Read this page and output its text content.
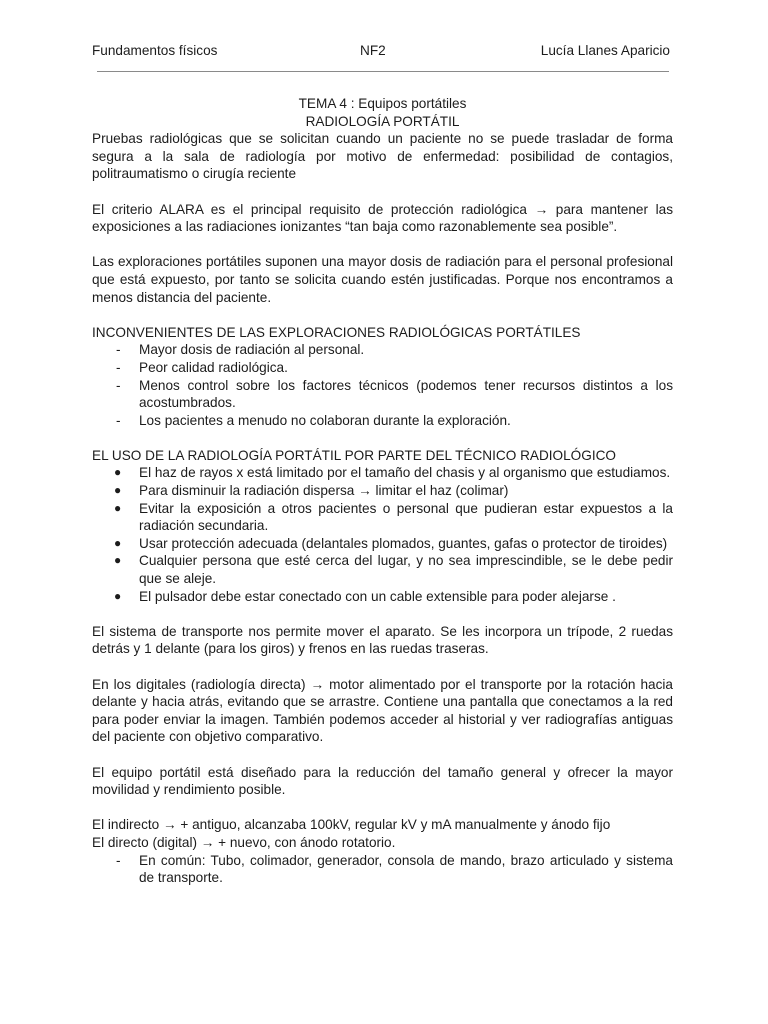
Fundamentos físicos	NF2	Lucía Llanes Aparicio
TEMA 4 : Equipos portátiles
RADIOLOGÍA PORTÁTIL

Pruebas radiológicas que se solicitan cuando un paciente no se puede trasladar de forma segura a la sala de radiología por motivo de enfermedad: posibilidad de contagios, politraumatismo o cirugía reciente

El criterio ALARA es el principal requisito de protección radiológica → para mantener las exposiciones a las radiaciones ionizantes “tan baja como razonablemente sea posible”.

Las exploraciones portátiles suponen una mayor dosis de radiación para el personal profesional que está expuesto, por tanto se solicita cuando estén justificadas. Porque nos encontramos a menos distancia del paciente.

INCONVENIENTES DE LAS EXPLORACIONES RADIOLÓGICAS PORTÁTILES
- Mayor dosis de radiación al personal.
- Peor calidad radiológica.
- Menos control sobre los factores técnicos (podemos tener recursos distintos a los acostumbrados.
- Los pacientes a menudo no colaboran durante la exploración.
EL USO DE LA RADIOLOGÍA PORTÁTIL POR PARTE DEL TÉCNICO RADIOLÓGICO
● El haz de rayos x está limitado por el tamaño del chasis y al organismo que estudiamos.
● Para disminuir la radiación dispersa → limitar el haz (colimar)
● Evitar la exposición a otros pacientes o personal que pudieran estar expuestos a la radiación secundaria.
● Usar protección adecuada (delantales plomados, guantes, gafas o protector de tiroides)
● Cualquier persona que esté cerca del lugar, y no sea imprescindible, se le debe pedir que se aleje.
● El pulsador debe estar conectado con un cable extensible para poder alejarse .

El sistema de transporte nos permite mover el aparato. Se les incorpora un trípode, 2 ruedas detrás y 1 delante (para los giros) y frenos en las ruedas traseras.

En los digitales (radiología directa) → motor alimentado por el transporte por la rotación hacia delante y hacia atrás, evitando que se arrastre. Contiene una pantalla que conectamos a la red para poder enviar la imagen. También podemos acceder al historial y ver radiografías antiguas del paciente con objetivo comparativo.

El equipo portátil está diseñado para la reducción del tamaño general y ofrecer la mayor movilidad y rendimiento posible.

El indirecto → + antiguo, alcanzaba 100kV, regular kV y mA manualmente y ánodo fijo
El directo (digital) → + nuevo, con ánodo rotatorio.
- En común: Tubo, colimador, generador, consola de mando, brazo articulado y sistema de transporte.
